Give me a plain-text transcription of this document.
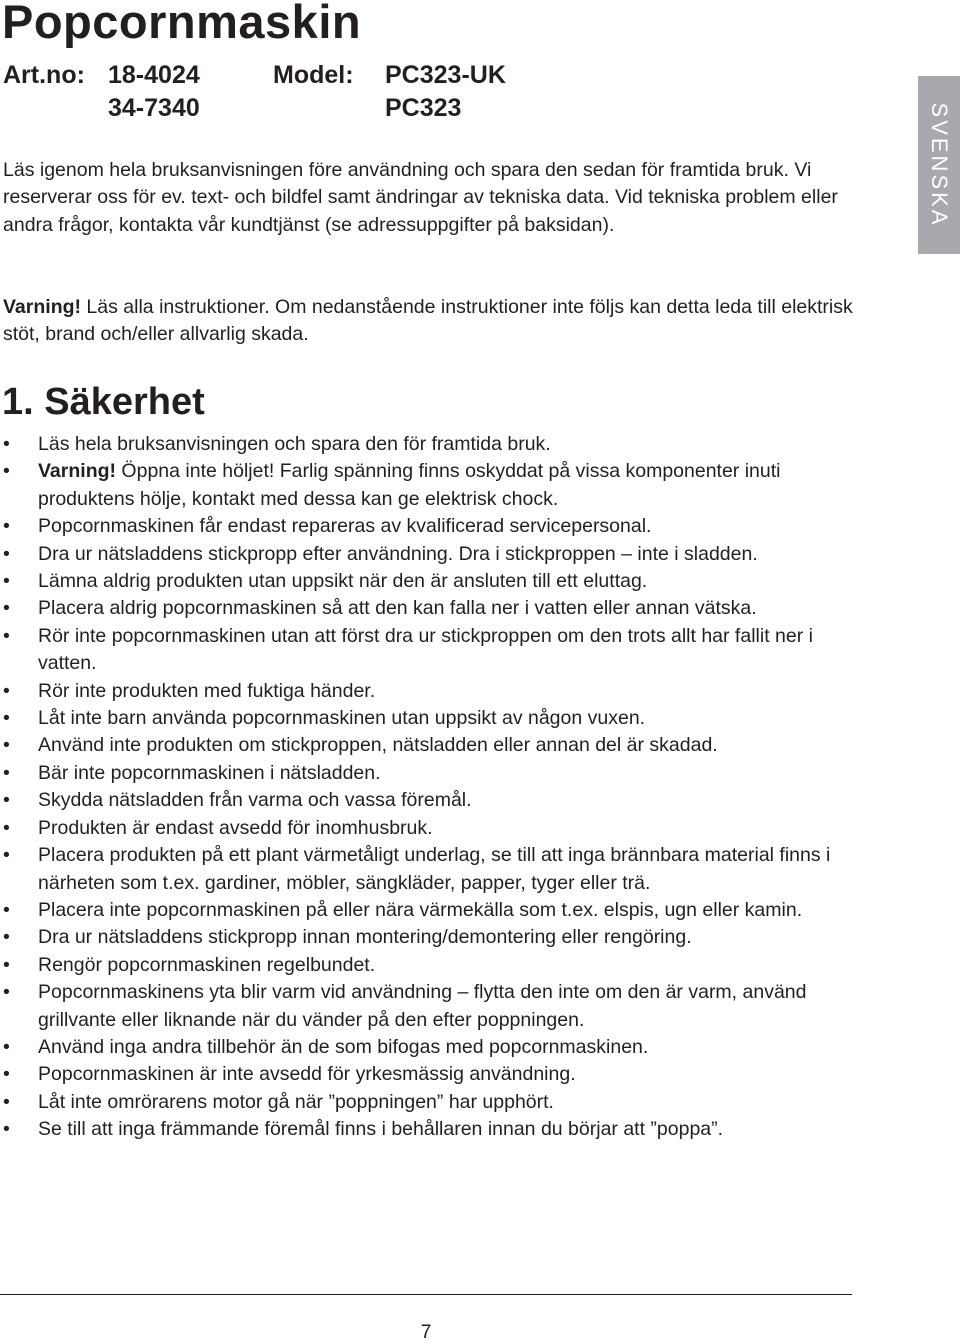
Popcornmaskin
Art.no: 18-4024
34-7340
Model: PC323-UK
PC323

Läs igenom hela bruksanvisningen före användning och spara den sedan för framtida bruk. Vi reserverar oss för ev. text- och bildfel samt ändringar av tekniska data. Vid tekniska problem eller andra frågor, kontakta vår kundtjänst (se adressuppgifter på baksidan).

Varning! Läs alla instruktioner. Om nedanstående instruktioner inte följs kan detta leda till elektrisk stöt, brand och/eller allvarlig skada.

1. Säkerhet
• Läs hela bruksanvisningen och spara den för framtida bruk.
• Varning! Öppna inte höljet! Farlig spänning finns oskyddat på vissa komponenter inuti produktens hölje, kontakt med dessa kan ge elektrisk chock.
• Popcornmaskinen får endast repareras av kvalificerad servicepersonal.
• Dra ur nätsladdens stickpropp efter användning. Dra i stickproppen – inte i sladden.
• Lämna aldrig produkten utan uppsikt när den är ansluten till ett eluttag.
• Placera aldrig popcornmaskinen så att den kan falla ner i vatten eller annan vätska.
• Rör inte popcornmaskinen utan att först dra ur stickproppen om den trots allt har fallit ner i vatten.
• Rör inte produkten med fuktiga händer.
• Låt inte barn använda popcornmaskinen utan uppsikt av någon vuxen.
• Använd inte produkten om stickproppen, nätsladden eller annan del är skadad.
• Bär inte popcornmaskinen i nätsladden.
• Skydda nätsladden från varma och vassa föremål.
• Produkten är endast avsedd för inomhusbruk.
• Placera produkten på ett plant värmetåligt underlag, se till att inga brännbara material finns i närheten som t.ex. gardiner, möbler, sängkläder, papper, tyger eller trä.
• Placera inte popcornmaskinen på eller nära värmekälla som t.ex. elspis, ugn eller kamin.
• Dra ur nätsladdens stickpropp innan montering/demontering eller rengöring.
• Rengör popcornmaskinen regelbundet.
• Popcornmaskinens yta blir varm vid användning – flytta den inte om den är varm, använd grillvante eller liknande när du vänder på den efter poppningen.
• Använd inga andra tillbehör än de som bifogas med popcornmaskinen.
• Popcornmaskinen är inte avsedd för yrkesmässig användning.
• Låt inte omrörarens motor gå när ”poppningen” har upphört.
• Se till att inga främmande föremål finns i behållaren innan du börjar att ”poppa”.
SVENSKA
7
